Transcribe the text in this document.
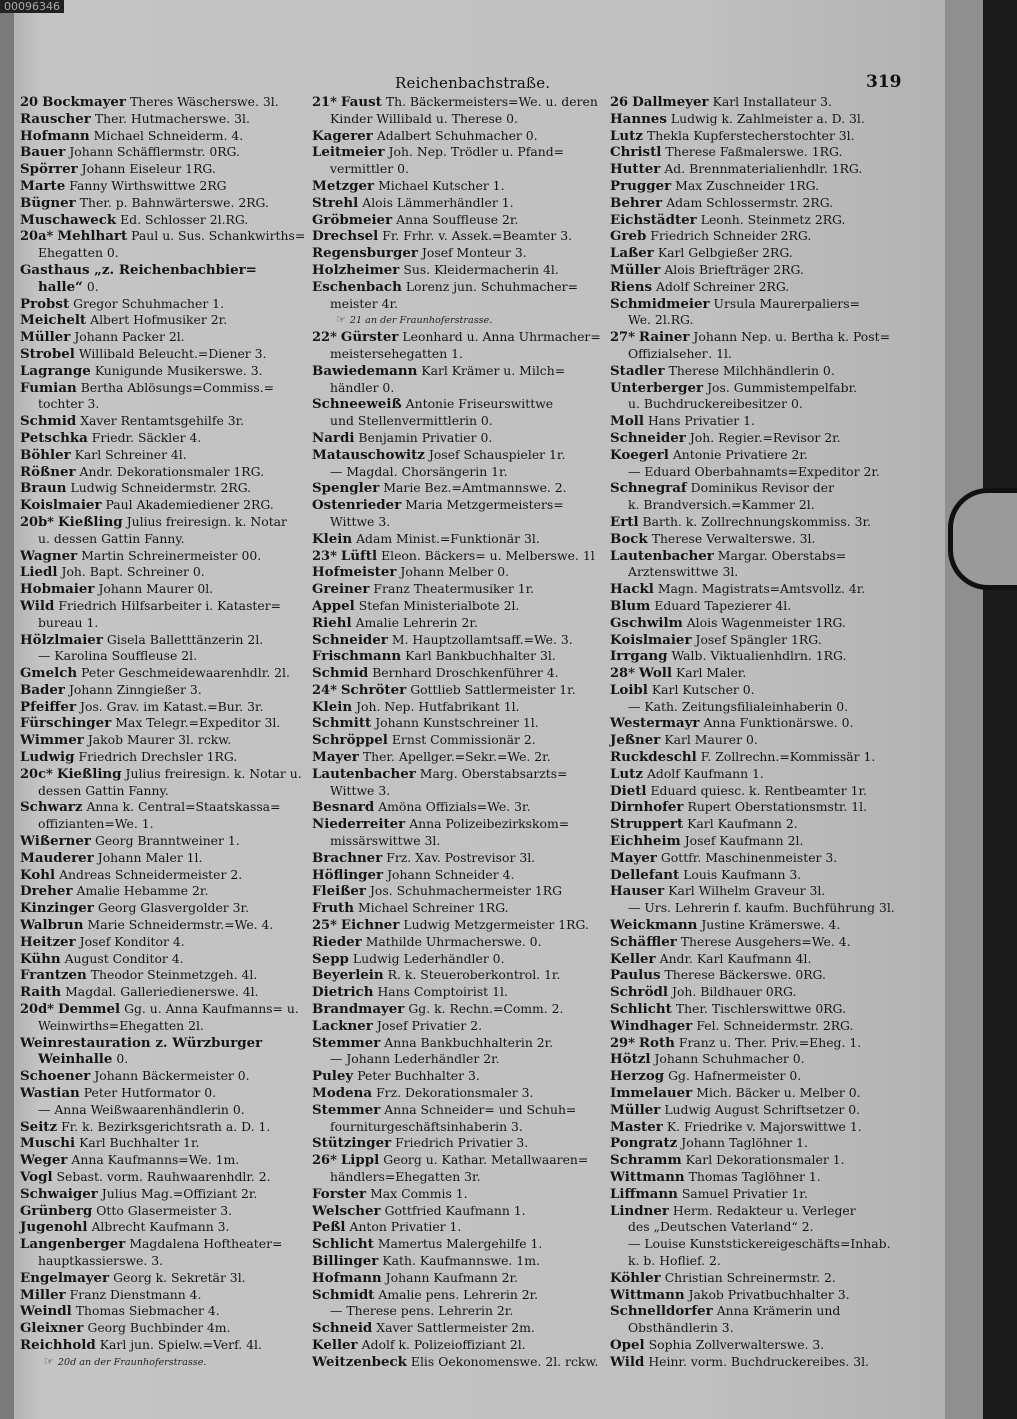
Reichenbachstraße.	319
20 Bockmayer Theres Wäscherswe. 3l.
Rauscher Ther. Hutmacherswe. 3l.
Hofmann Michael Schneiderm. 4.
Bauer Johann Schäfflermstr. 0RG.
Spörrer Johann Eiseleur 1RG.
Marte Fanny Wirthswittwe 2RG
Bügner Ther. p. Bahnwärterswe. 2RG.
Muschaweck Ed. Schlosser 2l.RG.
20a* Mehlhart Paul u. Sus. Schankwirths=
Ehegatten 0.
Gasthaus „z. Reichenbachbier=
halle“ 0.
Probst Gregor Schuhmacher 1.
Meichelt Albert Hofmusiker 2r.
Müller Johann Packer 2l.
Strobel Willibald Beleucht.=Diener 3.
Lagrange Kunigunde Musikerswe. 3.
Fumian Bertha Ablösungs=Commiss.=
tochter 3.
Schmid Xaver Rentamtsgehilfe 3r.
Petschka Friedr. Säckler 4.
Böhler Karl Schreiner 4l.
Rößner Andr. Dekorationsmaler 1RG.
Braun Ludwig Schneidermstr. 2RG.
Koislmaier Paul Akademiediener 2RG.
20b* Kießling Julius freiresign. k. Notar
u. dessen Gattin Fanny.
Wagner Martin Schreinermeister 00.
Liedl Joh. Bapt. Schreiner 0.
Hobmaier Johann Maurer 0l.
Wild Friedrich Hilfsarbeiter i. Kataster=
bureau 1.
Hölzlmaier Gisela Balletttänzerin 2l.
— Karolina Souffleuse 2l.
Gmelch Peter Geschmeidewaarenhdlr. 2l.
Bader Johann Zinngießer 3.
Pfeiffer Jos. Grav. im Katast.=Bur. 3r.
Fürschinger Max Telegr.=Expeditor 3l.
Wimmer Jakob Maurer 3l. rckw.
Ludwig Friedrich Drechsler 1RG.
20c* Kießling Julius freiresign. k. Notar u.
dessen Gattin Fanny.
Schwarz Anna k. Central=Staatskassa=
offizianten=We. 1.
Wißerner Georg Branntweiner 1.
Mauderer Johann Maler 1l.
Kohl Andreas Schneidermeister 2.
Dreher Amalie Hebamme 2r.
Kinzinger Georg Glasvergolder 3r.
Walbrun Marie Schneidermstr.=We. 4.
Heitzer Josef Konditor 4.
Kühn August Conditor 4.
Frantzen Theodor Steinmetzgeh. 4l.
Raith Magdal. Galleriedienerswe. 4l.
20d* Demmel Gg. u. Anna Kaufmanns= u.
Weinwirths=Ehegatten 2l.
Weinrestauration z. Würzburger
Weinhalle 0.
Schoener Johann Bäckermeister 0.
Wastian Peter Hutformator 0.
— Anna Weißwaarenhändlerin 0.
Seitz Fr. k. Bezirksgerichtsrath a. D. 1.
Muschi Karl Buchhalter 1r.
Weger Anna Kaufmanns=We. 1m.
Vogl Sebast. vorm. Rauhwaarenhdlr. 2.
Schwaiger Julius Mag.=Offiziant 2r.
Grünberg Otto Glasermeister 3.
Jugenohl Albrecht Kaufmann 3.
Langenberger Magdalena Hoftheater=
hauptkassierswe. 3.
Engelmayer Georg k. Sekretär 3l.
Miller Franz Dienstmann 4.
Weindl Thomas Siebmacher 4.
Gleixner Georg Buchbinder 4m.
Reichhold Karl jun. Spielw.=Verf. 4l.
☞ 20d an der Fraunhoferstrasse.
21* Faust Th. Bäckermeisters=We. u. deren
Kinder Willibald u. Therese 0.
Kagerer Adalbert Schuhmacher 0.
Leitmeier Joh. Nep. Trödler u. Pfand=
vermittler 0.
Metzger Michael Kutscher 1.
Strehl Alois Lämmerhändler 1.
Gröbmeier Anna Souffleuse 2r.
Drechsel Fr. Frhr. v. Assek.=Beamter 3.
Regensburger Josef Monteur 3.
Holzheimer Sus. Kleidermacherin 4l.
Eschenbach Lorenz jun. Schuhmacher=
meister 4r.
☞ 21 an der Fraunhoferstrasse.
22* Gürster Leonhard u. Anna Uhrmacher=
meistersehegatten 1.
Bawiedemann Karl Krämer u. Milch=
händler 0.
Schneeweiß Antonie Friseurswittwe
und Stellenvermittlerin 0.
Nardi Benjamin Privatier 0.
Matauschowitz Josef Schauspieler 1r.
— Magdal. Chorsängerin 1r.
Spengler Marie Bez.=Amtmannswe. 2.
Ostenrieder Maria Metzgermeisters=
Wittwe 3.
Klein Adam Minist.=Funktionär 3l.
23* Lüftl Eleon. Bäckers= u. Melberswe. 1l
Hofmeister Johann Melber 0.
Greiner Franz Theatermusiker 1r.
Appel Stefan Ministerialbote 2l.
Riehl Amalie Lehrerin 2r.
Schneider M. Hauptzollamtsaff.=We. 3.
Frischmann Karl Bankbuchhalter 3l.
Schmid Bernhard Droschkenführer 4.
24* Schröter Gottlieb Sattlermeister 1r.
Klein Joh. Nep. Hutfabrikant 1l.
Schmitt Johann Kunstschreiner 1l.
Schröppel Ernst Commissionär 2.
Mayer Ther. Apellger.=Sekr.=We. 2r.
Lautenbacher Marg. Oberstabsarzts=
Wittwe 3.
Besnard Amöna Offizials=We. 3r.
Niederreiter Anna Polizeibezirkskom=
missärswittwe 3l.
Brachner Frz. Xav. Postrevisor 3l.
Höflinger Johann Schneider 4.
Fleißer Jos. Schuhmachermeister 1RG
Fruth Michael Schreiner 1RG.
25* Eichner Ludwig Metzgermeister 1RG.
Rieder Mathilde Uhrmacherswe. 0.
Sepp Ludwig Lederhändler 0.
Beyerlein R. k. Steueroberkontrol. 1r.
Dietrich Hans Comptoirist 1l.
Brandmayer Gg. k. Rechn.=Comm. 2.
Lackner Josef Privatier 2.
Stemmer Anna Bankbuchhalterin 2r.
— Johann Lederhändler 2r.
Puley Peter Buchhalter 3.
Modena Frz. Dekorationsmaler 3.
Stemmer Anna Schneider= und Schuh=
fourniturgeschäftsinhaberin 3.
Stützinger Friedrich Privatier 3.
26* Lippl Georg u. Kathar. Metallwaaren=
händlers=Ehegatten 3r.
Forster Max Commis 1.
Welscher Gottfried Kaufmann 1.
Peßl Anton Privatier 1.
Schlicht Mamertus Malergehilfe 1.
Billinger Kath. Kaufmannswe. 1m.
Hofmann Johann Kaufmann 2r.
Schmidt Amalie pens. Lehrerin 2r.
— Therese pens. Lehrerin 2r.
Schneid Xaver Sattlermeister 2m.
Keller Adolf k. Polizeioffiziant 2l.
Weitzenbeck Elis Oekonomenswe. 2l. rckw.
26 Dallmeyer Karl Installateur 3.
Hannes Ludwig k. Zahlmeister a. D. 3l.
Lutz Thekla Kupferstecherstochter 3l.
Christl Therese Faßmalerswe. 1RG.
Hutter Ad. Brennmaterialienhdlr. 1RG.
Prugger Max Zuschneider 1RG.
Behrer Adam Schlossermstr. 2RG.
Eichstädter Leonh. Steinmetz 2RG.
Greb Friedrich Schneider 2RG.
Laßer Karl Gelbgießer 2RG.
Müller Alois Briefträger 2RG.
Riens Adolf Schreiner 2RG.
Schmidmeier Ursula Maurerpaliers=
We. 2l.RG.
27* Rainer Johann Nep. u. Bertha k. Post=
Offizialsehег. 1l.
Stadler Therese Milchhändlerin 0.
Unterberger Jos. Gummistempelfabr.
u. Buchdruckereibesitzer 0.
Moll Hans Privatier 1.
Schneider Joh. Regier.=Revisor 2r.
Koegerl Antonie Privatiere 2r.
— Eduard Oberbahnamts=Expeditor 2r.
Schnegraf Dominikus Revisor der
k. Brandversich.=Kammer 2l.
Ertl Barth. k. Zollrechnungskommiss. 3r.
Bock Therese Verwalterswe. 3l.
Lautenbacher Margar. Oberstabs=
Arztenswittwe 3l.
Hackl Magn. Magistrats=Amtsvollz. 4r.
Blum Eduard Tapezierer 4l.
Gschwilm Alois Wagenmeister 1RG.
Koislmaier Josef Spängler 1RG.
Irrgang Walb. Viktualienhdlrn. 1RG.
28* Woll Karl Maler.
Loibl Karl Kutscher 0.
— Kath. Zeitungsfilialeinhaberin 0.
Westermayr Anna Funktionärswe. 0.
Jeßner Karl Maurer 0.
Ruckdeschl F. Zollrechn.=Kommissär 1.
Lutz Adolf Kaufmann 1.
Dietl Eduard quiesc. k. Rentbeamter 1r.
Dirnhofer Rupert Oberstationsmstr. 1l.
Struppert Karl Kaufmann 2.
Eichheim Josef Kaufmann 2l.
Mayer Gottfr. Maschinenmeister 3.
Dellefant Louis Kaufmann 3.
Hauser Karl Wilhelm Graveur 3l.
— Urs. Lehrerin f. kaufm. Buchführung 3l.
Weickmann Justine Krämerswe. 4.
Schäffler Therese Ausgehers=We. 4.
Keller Andr. Karl Kaufmann 4l.
Paulus Therese Bäckerswe. 0RG.
Schrödl Joh. Bildhauer 0RG.
Schlicht Ther. Tischlerswittwe 0RG.
Windhager Fel. Schneidermstr. 2RG.
29* Roth Franz u. Ther. Priv.=Eheg. 1.
Hötzl Johann Schuhmacher 0.
Herzog Gg. Hafnermeister 0.
Immelauer Mich. Bäcker u. Melber 0.
Müller Ludwig August Schriftsetzer 0.
Master K. Friedrike v. Majorswittwe 1.
Pongratz Johann Taglöhner 1.
Schramm Karl Dekorationsmaler 1.
Wittmann Thomas Taglöhner 1.
Liffmann Samuel Privatier 1r.
Lindner Herm. Redakteur u. Verleger
des „Deutschen Vaterland“ 2.
— Louise Kunststickereigeschäfts=Inhab.
k. b. Hoflief. 2.
Köhler Christian Schreinermstr. 2.
Wittmann Jakob Privatbuchhalter 3.
Schnelldorfer Anna Krämerin und
Obsthändlerin 3.
Opel Sophia Zollverwalterswe. 3.
Wild Heinr. vorm. Buchdruckereibes. 3l.
00096346
